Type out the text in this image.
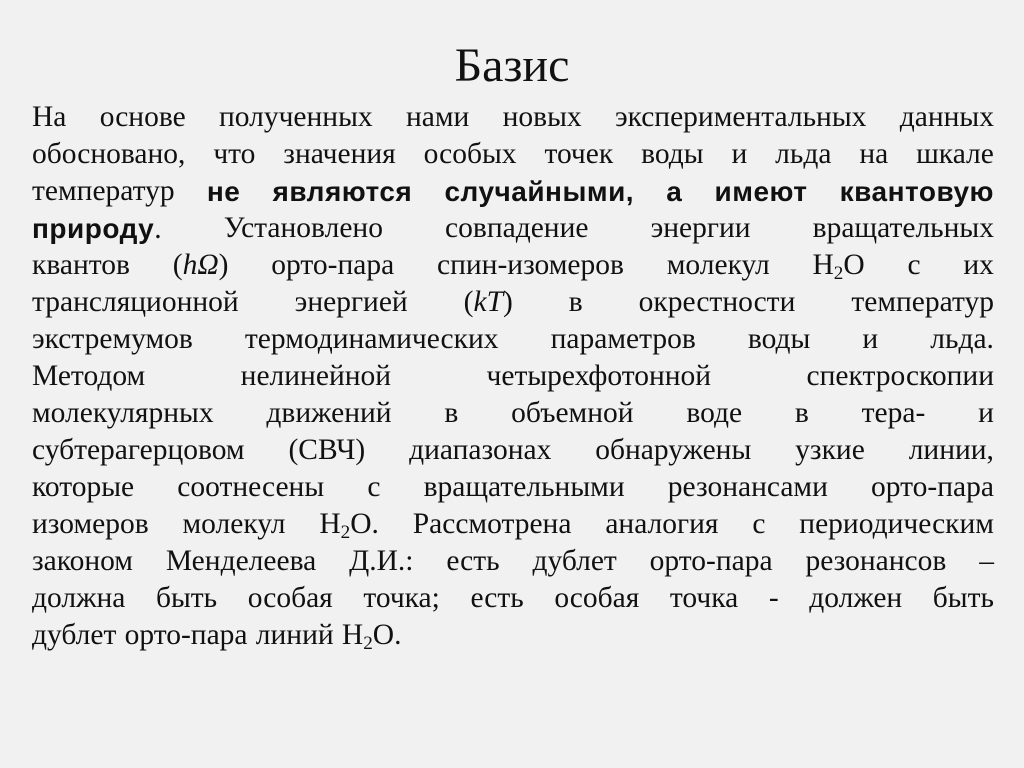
Базис
На основе полученных нами новых экспериментальных данных
обосновано, что значения особых точек воды и льда на шкале
температур не являются случайными, а имеют квантовую
природу. Установлено совпадение энергии вращательных
квантов (hΩ) орто-пара спин-изомеров молекул $H_2O$ с их
трансляционной энергией (kT) в окрестности температур
экстремумов термодинамических параметров воды и льда.
Методом	нелинейной	четырехфотонной	спектроскопии
молекулярных движений в объемной воде в тера- и
субтерагерцовом (СВЧ) диапазонах обнаружены узкие линии,
которые соотнесены с вращательными резонансами орто-пара
изомеров молекул $H_2O$. Рассмотрена аналогия с периодическим
законом Менделеева Д.И.: есть дублет орто-пара резонансов –
должна быть особая точка; есть особая точка - должен быть
дублет орто-пара линий $H_2O$.
